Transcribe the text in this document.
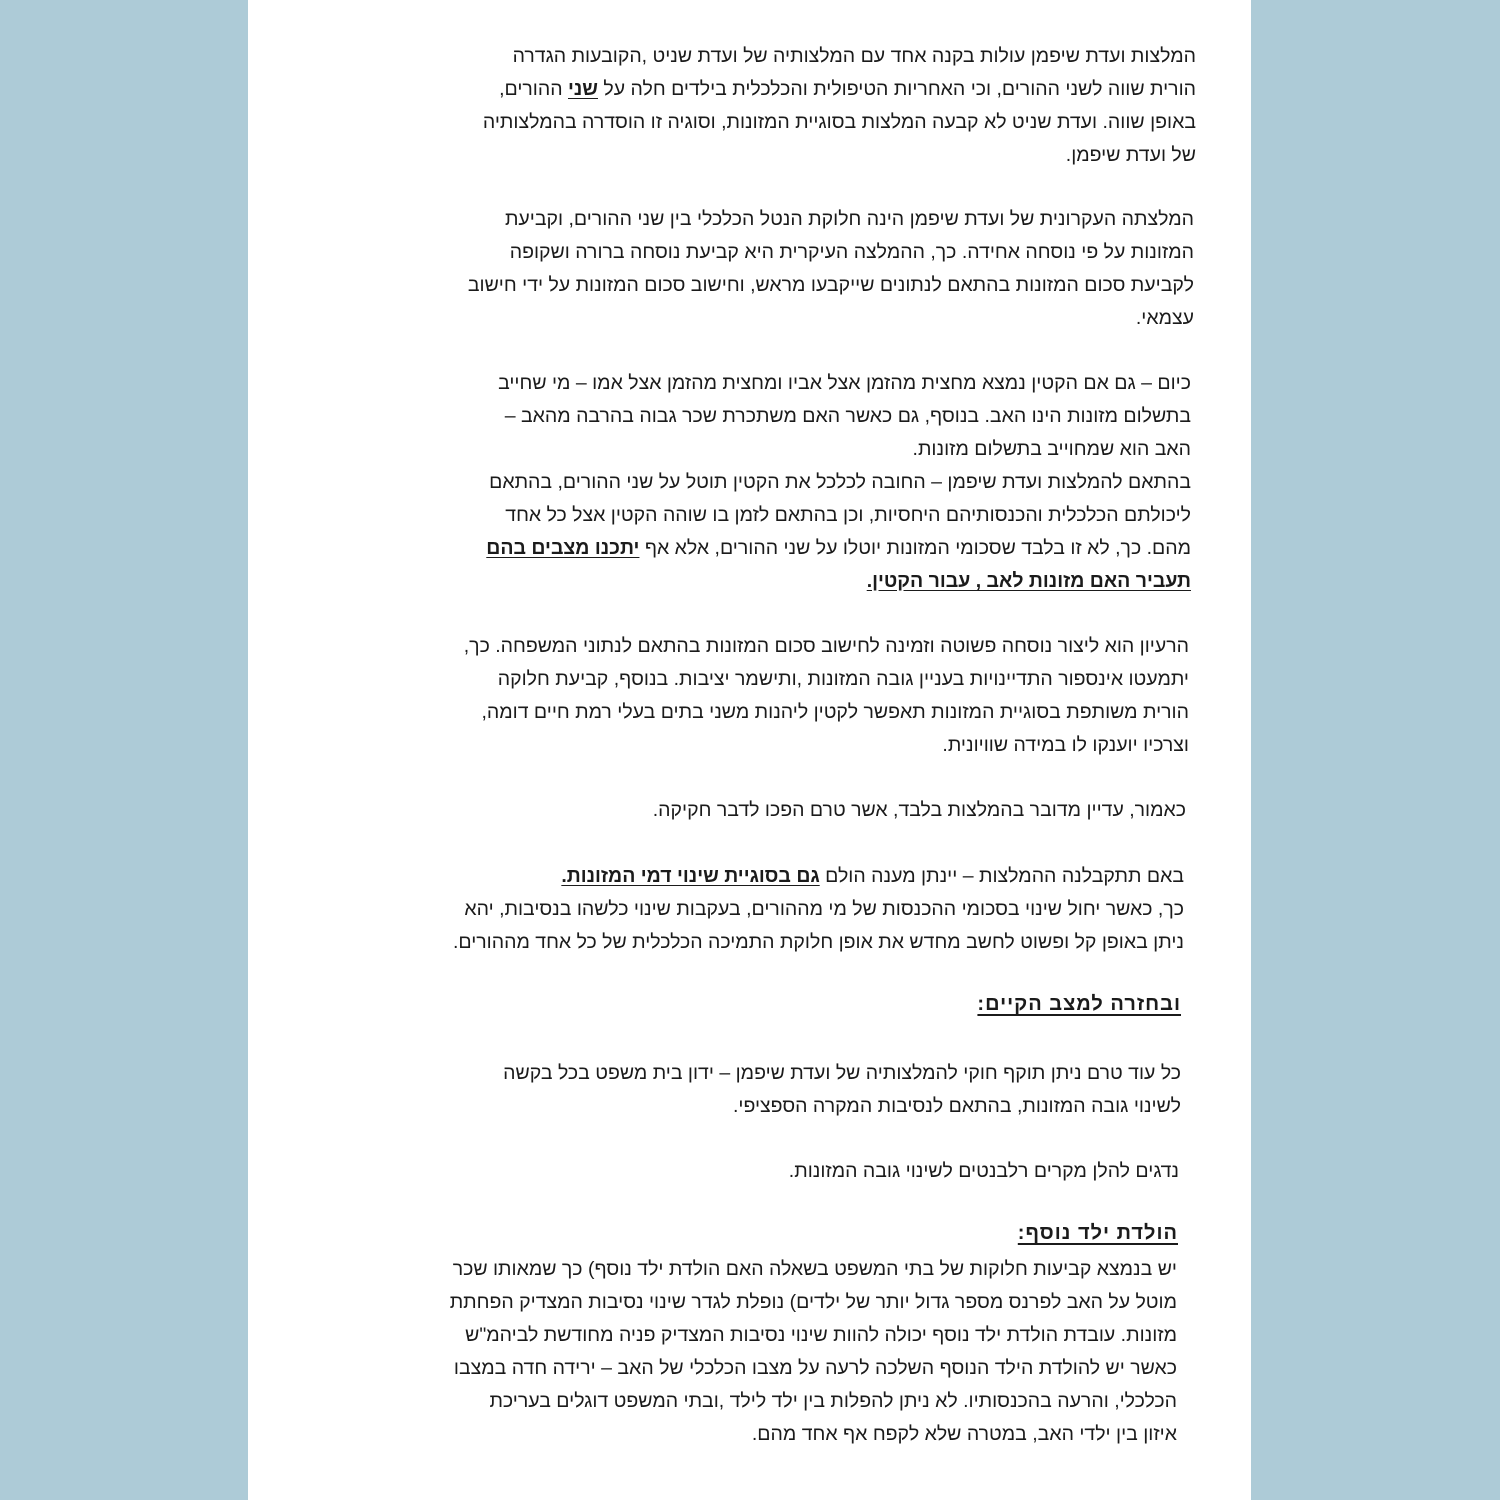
המלצות ועדת שיפמן עולות בקנה אחד עם המלצותיה של ועדת שניט ,הקובעות הגדרה
הורית שווה לשני ההורים, וכי האחריות הטיפולית והכלכלית בילדים חלה על שני ההורים,
באופן שווה. ועדת שניט לא קבעה המלצות בסוגיית המזונות, וסוגיה זו הוסדרה בהמלצותיה
של ועדת שיפמן.
המלצתה העקרונית של ועדת שיפמן הינה חלוקת הנטל הכלכלי בין שני ההורים, וקביעת
המזונות על פי נוסחה אחידה. כך, ההמלצה העיקרית היא קביעת נוסחה ברורה ושקופה
לקביעת סכום המזונות בהתאם לנתונים שייקבעו מראש, וחישוב סכום המזונות על ידי חישוב
עצמאי.
כיום – גם אם הקטין נמצא מחצית מהזמן אצל אביו ומחצית מהזמן אצל אמו – מי שחייב
בתשלום מזונות הינו האב. בנוסף, גם כאשר האם משתכרת שכר גבוה בהרבה מהאב –
האב הוא שמחוייב בתשלום מזונות.
בהתאם להמלצות ועדת שיפמן – החובה לכלכל את הקטין תוטל על שני ההורים, בהתאם
ליכולתם הכלכלית והכנסותיהם היחסיות, וכן בהתאם לזמן בו שוהה הקטין אצל כל אחד
מהם. כך, לא זו בלבד שסכומי המזונות יוטלו על שני ההורים, אלא אף יתכנו מצבים בהם
תעביר האם מזונות לאב , עבור הקטין.
הרעיון הוא ליצור נוסחה פשוטה וזמינה לחישוב סכום המזונות בהתאם לנתוני המשפחה. כך,
יתמעטו אינספור התדיינויות בעניין גובה המזונות ,ותישמר יציבות. בנוסף, קביעת חלוקה
הורית משותפת בסוגיית המזונות תאפשר לקטין ליהנות משני בתים בעלי רמת חיים דומה,
וצרכיו יוענקו לו במידה שוויונית.
כאמור, עדיין מדובר בהמלצות בלבד, אשר טרם הפכו לדבר חקיקה.
באם תתקבלנה ההמלצות – יינתן מענה הולם גם בסוגיית שינוי דמי המזונות.
כך, כאשר יחול שינוי בסכומי ההכנסות של מי מההורים, בעקבות שינוי כלשהו בנסיבות, יהא
ניתן באופן קל ופשוט לחשב מחדש את אופן חלוקת התמיכה הכלכלית של כל אחד מההורים.
ובחזרה למצב הקיים:
כל עוד טרם ניתן תוקף חוקי להמלצותיה של ועדת שיפמן – ידון בית משפט בכל בקשה
לשינוי גובה המזונות, בהתאם לנסיבות המקרה הספציפי.
נדגים להלן מקרים רלבנטים לשינוי גובה המזונות.
הולדת ילד נוסף:
יש בנמצא קביעות חלוקות של בתי המשפט בשאלה האם הולדת ילד נוסף) כך שמאותו שכר
מוטל על האב לפרנס מספר גדול יותר של ילדים) נופלת לגדר שינוי נסיבות המצדיק הפחתת
מזונות. עובדת הולדת ילד נוסף יכולה להוות שינוי נסיבות המצדיק פניה מחודשת לביהמ"ש
כאשר יש להולדת הילד הנוסף השלכה לרעה על מצבו הכלכלי של האב – ירידה חדה במצבו
הכלכלי, והרעה בהכנסותיו. לא ניתן להפלות בין ילד לילד ,ובתי המשפט דוגלים בעריכת
איזון בין ילדי האב, במטרה שלא לקפח אף אחד מהם.
